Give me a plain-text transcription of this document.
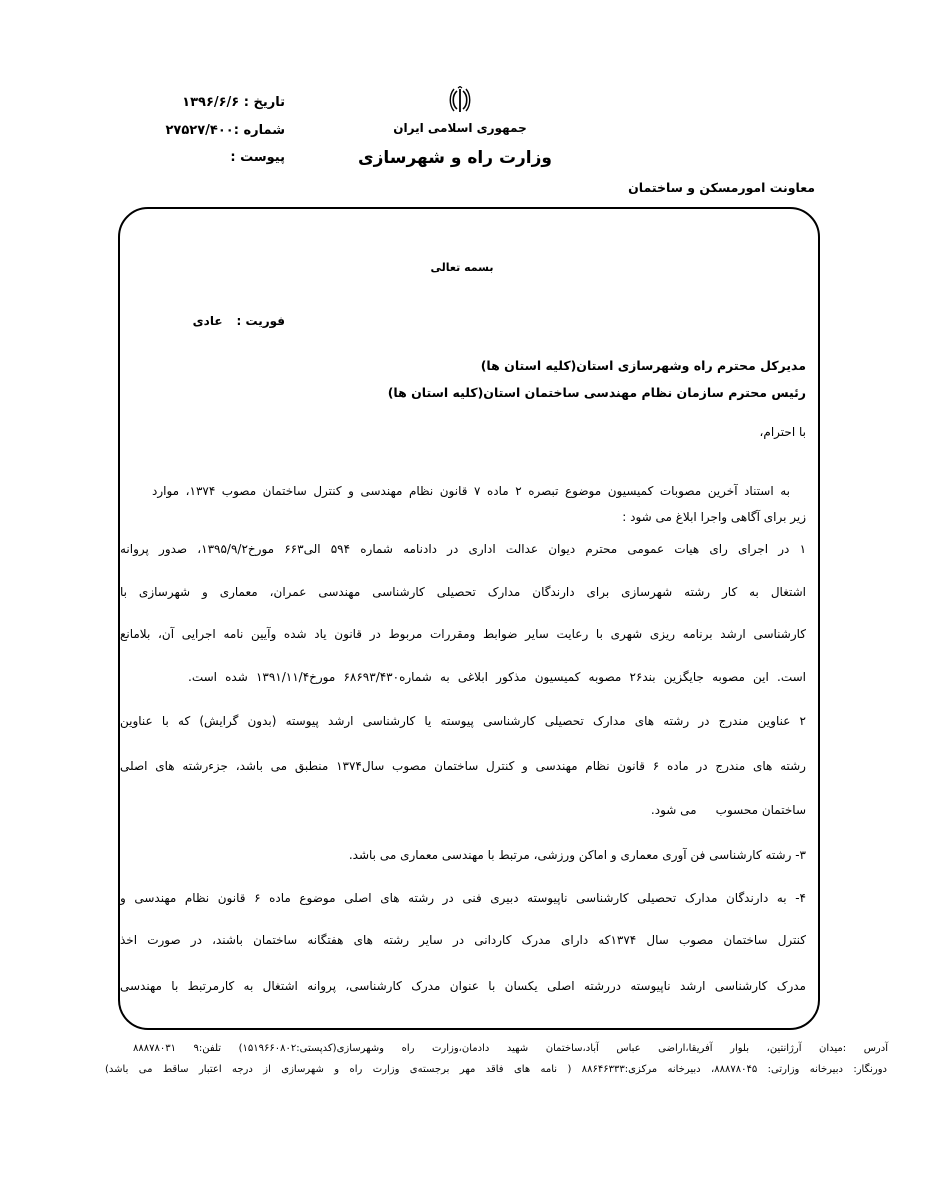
تاریخ : ۱۳۹۶/۶/۶
شماره :۲۷۵۲۷/۴۰۰
پیوست :
جمهوری اسلامی ایران
وزارت راه و شهرسازی
معاونت امورمسکن و ساختمان
بسمه تعالی
فوریت :عادی
مدیرکل محترم راه وشهرسازی استان(کلیه استان ها)
رئیس محترم سازمان نظام مهندسی ساختمان استان(کلیه استان ها)
با احترام،
به استناد آخرین مصوبات کمیسیون موضوع تبصره ۲ ماده ۷ قانون نظام مهندسی و کنترل ساختمان مصوب ۱۳۷۴، موارد
زیر برای آگاهی واجرا ابلاغ می شود :
۱ در اجرای رای هیات عمومی محترم دیوان عدالت اداری در دادنامه شماره ۵۹۴ الی۶۶۳ مورخ۱۳۹۵/۹/۲، صدور پروانه
اشتغال به کار رشته شهرسازی برای دارندگان مدارک تحصیلی کارشناسی مهندسی عمران، معماری و شهرسازی با
کارشناسی ارشد برنامه ریزی شهری با رعایت سایر ضوابط ومقررات مربوط در قانون یاد شده وآیین نامه اجرایی آن، بلامانع
است. این مصوبه جایگزین بند۲۶ مصوبه کمیسیون مذکور ابلاغی به شماره۶۸۶۹۳/۴۳۰ مورخ۱۳۹۱/۱۱/۴ شده است.
۲ عناوین مندرج در رشته های مدارک تحصیلی کارشناسی پیوسته یا کارشناسی ارشد پیوسته (بدون گرایش) که با عناوین
رشته های مندرج در ماده ۶ قانون نظام مهندسی و کنترل ساختمان مصوب سال۱۳۷۴ منطبق می باشد، جزءرشته های اصلی
ساختمان محسوب     می شود.
۳- رشته کارشناسی فن آوری معماری و اماکن ورزشی، مرتبط با مهندسی معماری می باشد.
۴- به دارندگان مدارک تحصیلی کارشناسی ناپیوسته دبیری فنی در رشته های اصلی موضوع ماده ۶ قانون نظام مهندسی و
کنترل ساختمان مصوب سال ۱۳۷۴که دارای مدرک کاردانی در سایر رشته های هفتگانه ساختمان باشند، در صورت اخذ
مدرک کارشناسی ارشد ناپیوسته دررشته اصلی یکسان با عنوان مدرک کارشناسی، پروانه اشتغال به کارمرتبط با مهندسی
آدرس :میدان آرژانتین، بلوار آفریقا،اراضی عباس آباد،ساختمان شهید دادمان،وزارت راه وشهرسازی(کدپستی:۱۵۱۹۶۶۰۸۰۲) تلفن:۹ ۸۸۸۷۸۰۳۱
دورنگار: دبیرخانه وزارتی: ۸۸۸۷۸۰۴۵، دبیرخانه مرکزی:۸۸۶۴۶۳۳۳ ( نامه های فاقد مهر برجسته‌ی وزارت راه و شهرسازی از درجه اعتبار ساقط می باشد)
